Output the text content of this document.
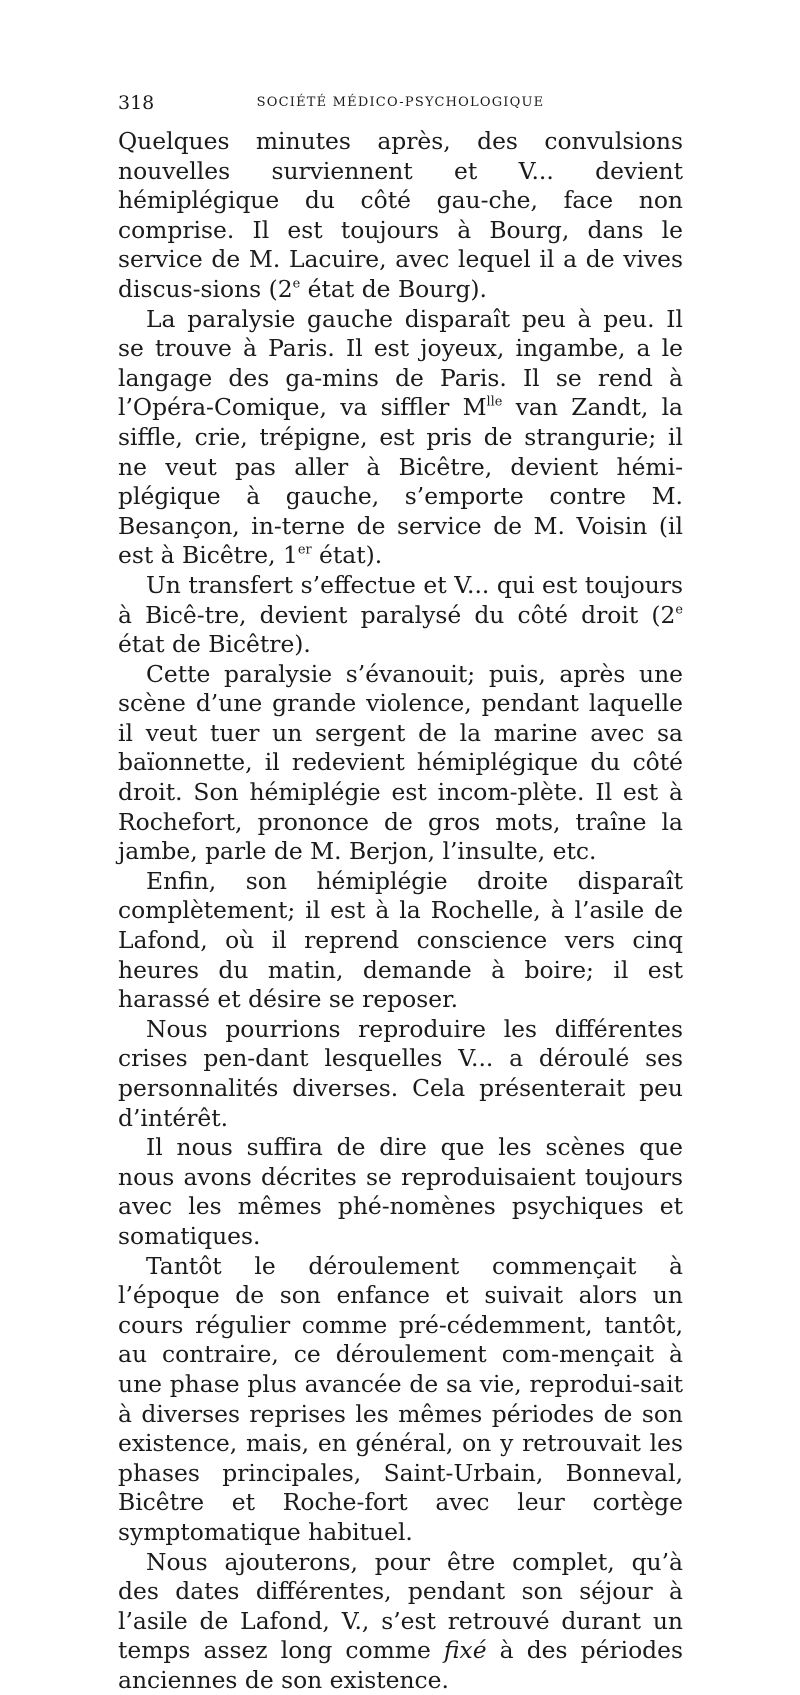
318	SOCIÉTÉ MÉDICO-PSYCHOLOGIQUE

Quelques minutes après, des convulsions nouvelles surviennent et V... devient hémiplégique du côté gau-che, face non comprise. Il est toujours à Bourg, dans le service de M. Lacuire, avec lequel il a de vives discus-sions (2e état de Bourg).

La paralysie gauche disparaît peu à peu. Il se trouve à Paris. Il est joyeux, ingambe, a le langage des ga-mins de Paris. Il se rend à l’Opéra-Comique, va siffler $M^{lle}$ van Zandt, la siffle, crie, trépigne, est pris de strangurie; il ne veut pas aller à Bicêtre, devient hémi-plégique à gauche, s’emporte contre M. Besançon, in-terne de service de M. Voisin (il est à Bicêtre, 1er état).

Un transfert s’effectue et V... qui est toujours à Bicê-tre, devient paralysé du côté droit (2e état de Bicêtre).

Cette paralysie s’évanouit; puis, après une scène d’une grande violence, pendant laquelle il veut tuer un sergent de la marine avec sa baïonnette, il redevient hémiplégique du côté droit. Son hémiplégie est incom-plète. Il est à Rochefort, prononce de gros mots, traîne la jambe, parle de M. Berjon, l’insulte, etc.

Enfin, son hémiplégie droite disparaît complètement; il est à la Rochelle, à l’asile de Lafond, où il reprend conscience vers cinq heures du matin, demande à boire; il est harassé et désire se reposer.

Nous pourrions reproduire les différentes crises pen-dant lesquelles V... a déroulé ses personnalités diverses. Cela présenterait peu d’intérêt.

Il nous suffira de dire que les scènes que nous avons décrites se reproduisaient toujours avec les mêmes phé-nomènes psychiques et somatiques.

Tantôt le déroulement commençait à l’époque de son enfance et suivait alors un cours régulier comme pré-cédemment, tantôt, au contraire, ce déroulement com-mençait à une phase plus avancée de sa vie, reprodui-sait à diverses reprises les mêmes périodes de son existence, mais, en général, on y retrouvait les phases principales, Saint-Urbain, Bonneval, Bicêtre et Roche-fort avec leur cortège symptomatique habituel.

Nous ajouterons, pour être complet, qu’à des dates différentes, pendant son séjour à l’asile de Lafond, V., s’est retrouvé durant un temps assez long comme fixé à des périodes anciennes de son existence.
